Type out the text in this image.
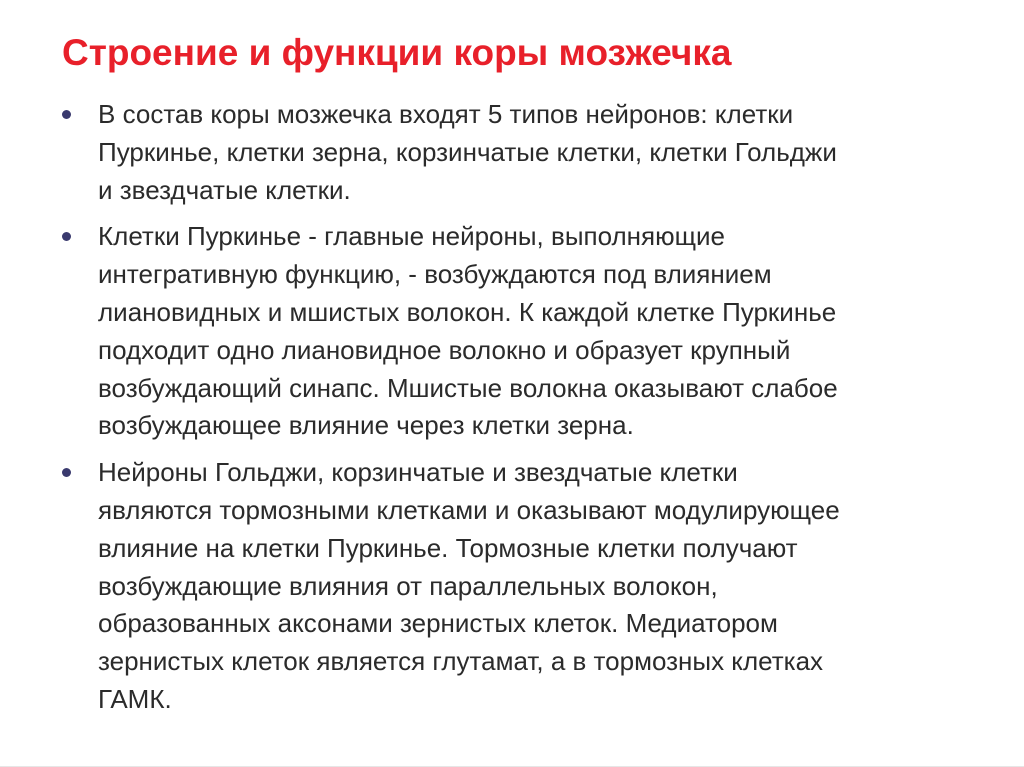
Строение и функции коры мозжечка
В состав коры мозжечка входят 5 типов нейронов: клетки
Пуркинье, клетки зерна, корзинчатые клетки, клетки Гольджи
и звездчатые клетки.
Клетки Пуркинье - главные нейроны, выполняющие
интегративную функцию, - возбуждаются под влиянием
лиановидных и мшистых волокон. К каждой клетке Пуркинье
подходит одно лиановидное волокно и образует крупный
возбуждающий синапс. Мшистые волокна оказывают слабое
возбуждающее влияние через клетки зерна.
Нейроны Гольджи, корзинчатые и звездчатые клетки
являются тормозными клетками и оказывают модулирующее
влияние на клетки Пуркинье. Тормозные клетки получают
возбуждающие влияния от параллельных волокон,
образованных аксонами зернистых клеток. Медиатором
зернистых клеток является глутамат, а в тормозных клетках
ГАМК.
